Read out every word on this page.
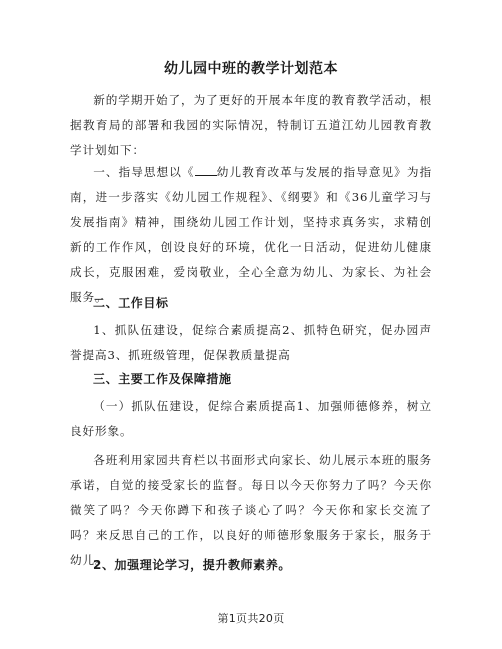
幼儿园中班的教学计划范本

新的学期开始了，为了更好的开展本年度的教育教学活动，根据教育局的部署和我园的实际情况，特制订五道江幼儿园教育教学计划如下：

一、指导思想以《 幼儿教育改革与发展的指导意见》为指南，进一步落实《幼儿园工作规程》、《纲要》和《36儿童学习与发展指南》精神，围绕幼儿园工作计划，坚持求真务实，求精创新的工作作风，创设良好的环境，优化一日活动，促进幼儿健康成长，克服困难，爱岗敬业，全心全意为幼儿、为家长、为社会服务。

二、工作目标

1、抓队伍建设，促综合素质提高2、抓特色研究，促办园声誉提高3、抓班级管理，促保教质量提高

三、主要工作及保障措施

（一）抓队伍建设，促综合素质提高1、加强师德修养，树立良好形象。

各班利用家园共育栏以书面形式向家长、幼儿展示本班的服务承诺，自觉的接受家长的监督。每日以今天你努力了吗？今天你微笑了吗？今天你蹲下和孩子谈心了吗？今天你和家长交流了吗？来反思自己的工作，以良好的师德形象服务于家长，服务于幼儿。

2、加强理论学习，提升教师素养。
第1页共20页
